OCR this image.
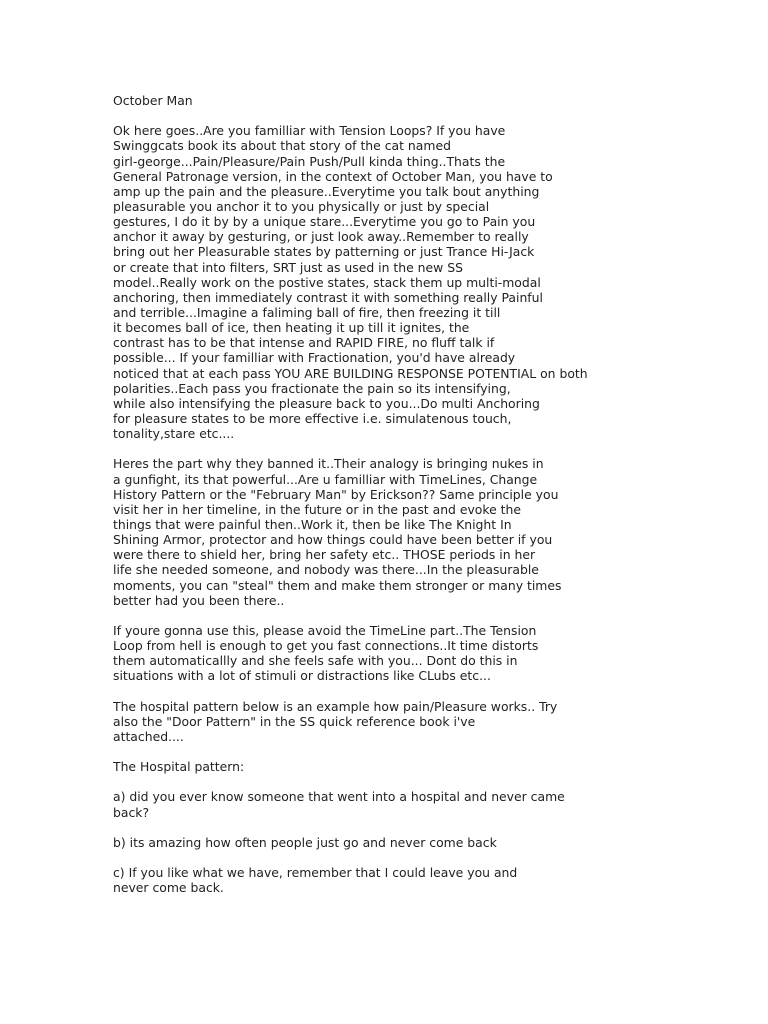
October Man
Ok here goes..Are you familliar with Tension Loops? If you have
Swinggcats book its about that story of the cat named
girl-george...Pain/Pleasure/Pain Push/Pull kinda thing..Thats the
General Patronage version, in the context of October Man, you have to
amp up the pain and the pleasure..Everytime you talk bout anything
pleasurable you anchor it to you physically or just by special
gestures, I do it by by a unique stare...Everytime you go to Pain you
anchor it away by gesturing, or just look away..Remember to really
bring out her Pleasurable states by patterning or just Trance Hi-Jack
or create that into filters, SRT just as used in the new SS
model..Really work on the postive states, stack them up multi-modal
anchoring, then immediately contrast it with something really Painful
and terrible...Imagine a faliming ball of fire, then freezing it till
it becomes ball of ice, then heating it up till it ignites, the
contrast has to be that intense and RAPID FIRE, no fluff talk if
possible... If your familliar with Fractionation, you'd have already
noticed that at each pass YOU ARE BUILDING RESPONSE POTENTIAL on both
polarities..Each pass you fractionate the pain so its intensifying,
while also intensifying the pleasure back to you...Do multi Anchoring
for pleasure states to be more effective i.e. simulatenous touch,
tonality,stare etc....
Heres the part why they banned it..Their analogy is bringing nukes in
a gunfight, its that powerful...Are u familliar with TimeLines, Change
History Pattern or the "February Man" by Erickson?? Same principle you
visit her in her timeline, in the future or in the past and evoke the
things that were painful then..Work it, then be like The Knight In
Shining Armor, protector and how things could have been better if you
were there to shield her, bring her safety etc.. THOSE periods in her
life she needed someone, and nobody was there...In the pleasurable
moments, you can "steal" them and make them stronger or many times
better had you been there..
If youre gonna use this, please avoid the TimeLine part..The Tension
Loop from hell is enough to get you fast connections..It time distorts
them automaticallly and she feels safe with you... Dont do this in
situations with a lot of stimuli or distractions like CLubs etc...
The hospital pattern below is an example how pain/Pleasure works.. Try
also the "Door Pattern" in the SS quick reference book i've
attached....
The Hospital pattern:
a) did you ever know someone that went into a hospital and never came
back?
b) its amazing how often people just go and never come back
c) If you like what we have, remember that I could leave you and
never come back.
